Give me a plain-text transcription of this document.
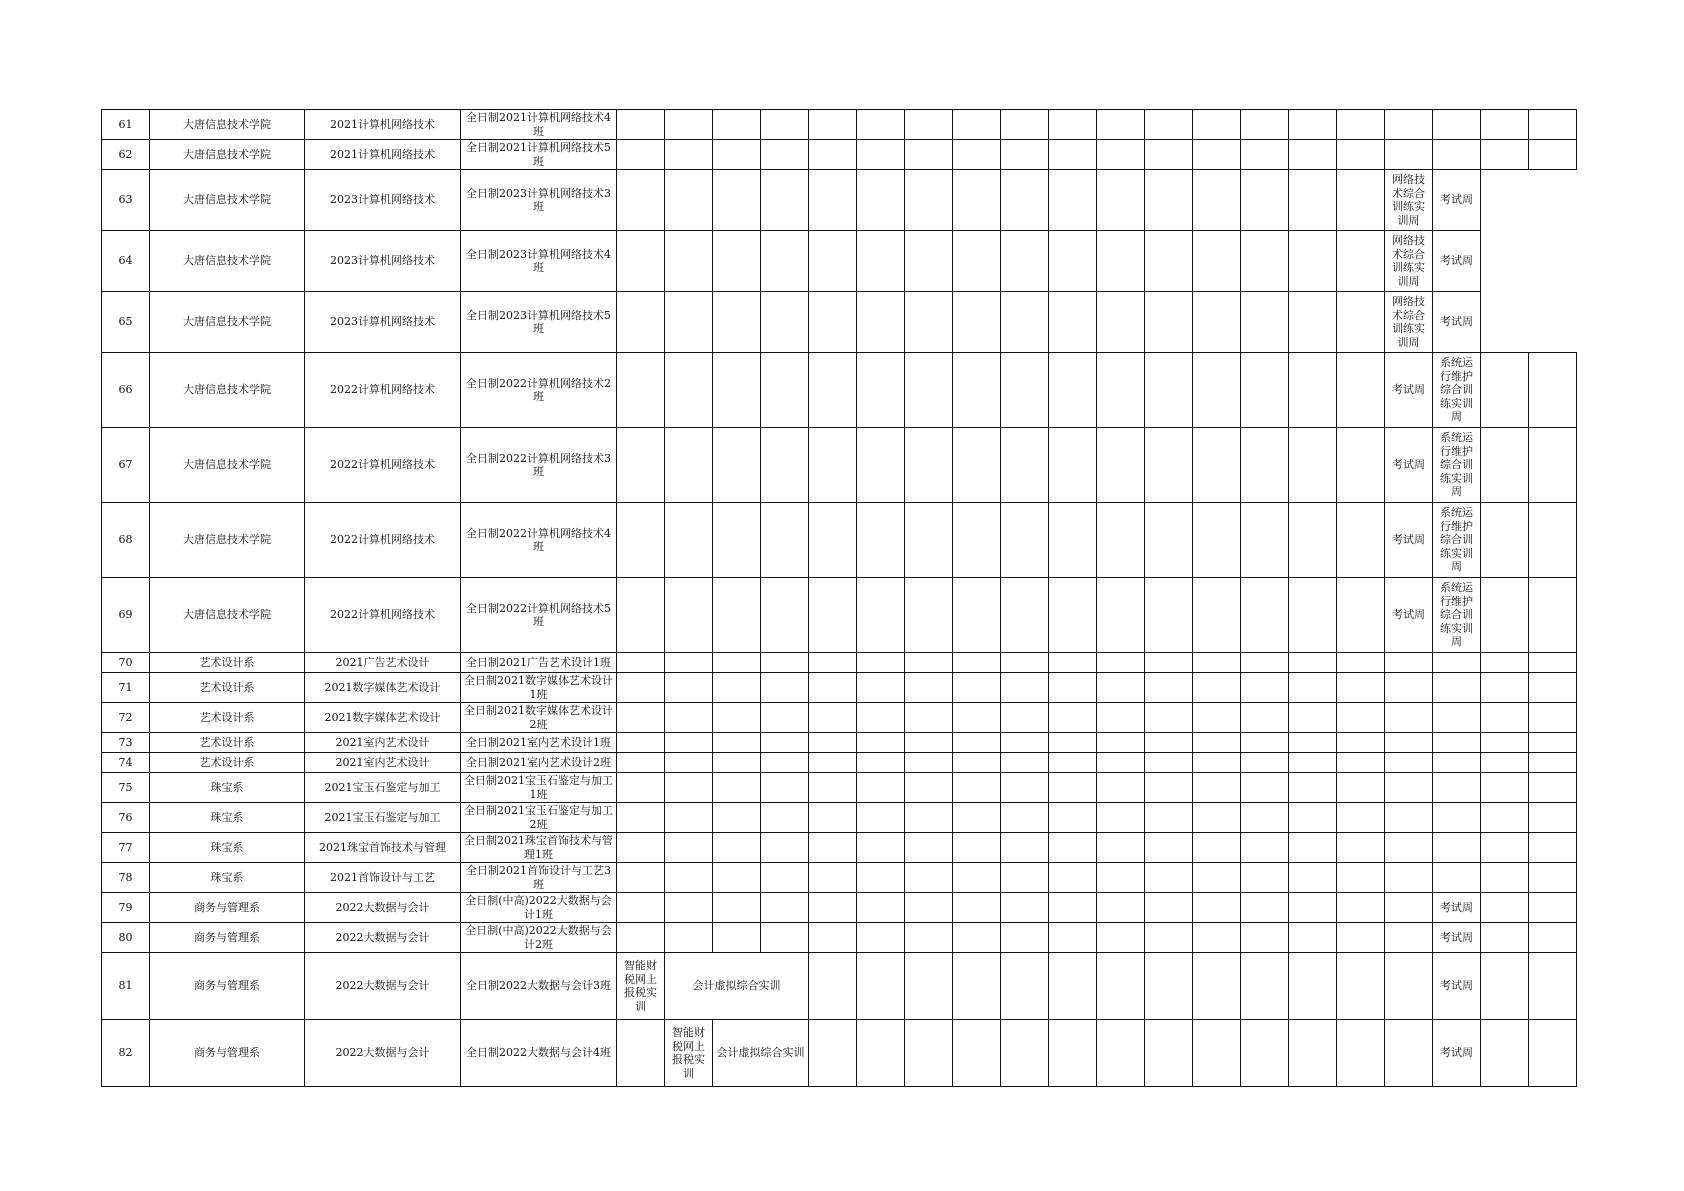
61	大唐信息技术学院	2021计算机网络技术	全日制2021计算机网络技术4班																				
62	大唐信息技术学院	2021计算机网络技术	全日制2021计算机网络技术5班																				
63	大唐信息技术学院	2023计算机网络技术	全日制2023计算机网络技术3班																	网络技术综合训练实训周	考试周		
64	大唐信息技术学院	2023计算机网络技术	全日制2023计算机网络技术4班																	网络技术综合训练实训周	考试周		
65	大唐信息技术学院	2023计算机网络技术	全日制2023计算机网络技术5班																	网络技术综合训练实训周	考试周		
66	大唐信息技术学院	2022计算机网络技术	全日制2022计算机网络技术2班																	考试周	系统运行维护综合训练实训周		
67	大唐信息技术学院	2022计算机网络技术	全日制2022计算机网络技术3班																	考试周	系统运行维护综合训练实训周		
68	大唐信息技术学院	2022计算机网络技术	全日制2022计算机网络技术4班																	考试周	系统运行维护综合训练实训周		
69	大唐信息技术学院	2022计算机网络技术	全日制2022计算机网络技术5班																	考试周	系统运行维护综合训练实训周		
70	艺术设计系	2021广告艺术设计	全日制2021广告艺术设计1班																				
71	艺术设计系	2021数字媒体艺术设计	全日制2021数字媒体艺术设计1班																				
72	艺术设计系	2021数字媒体艺术设计	全日制2021数字媒体艺术设计2班																				
73	艺术设计系	2021室内艺术设计	全日制2021室内艺术设计1班																				
74	艺术设计系	2021室内艺术设计	全日制2021室内艺术设计2班																				
75	珠宝系	2021宝玉石鉴定与加工	全日制2021宝玉石鉴定与加工1班																				
76	珠宝系	2021宝玉石鉴定与加工	全日制2021宝玉石鉴定与加工2班																				
77	珠宝系	2021珠宝首饰技术与管理	全日制2021珠宝首饰技术与管理1班																				
78	珠宝系	2021首饰设计与工艺	全日制2021首饰设计与工艺3班																				
79	商务与管理系	2022大数据与会计	全日制(中高)2022大数据与会计1班																		考试周		
80	商务与管理系	2022大数据与会计	全日制(中高)2022大数据与会计2班																		考试周		
81	商务与管理系	2022大数据与会计	全日制2022大数据与会计3班	智能财税网上报税实训	会计虚拟综合实训																考试周		
82	商务与管理系	2022大数据与会计	全日制2022大数据与会计4班		智能财税网上报税实训	会计虚拟综合实训															考试周		
